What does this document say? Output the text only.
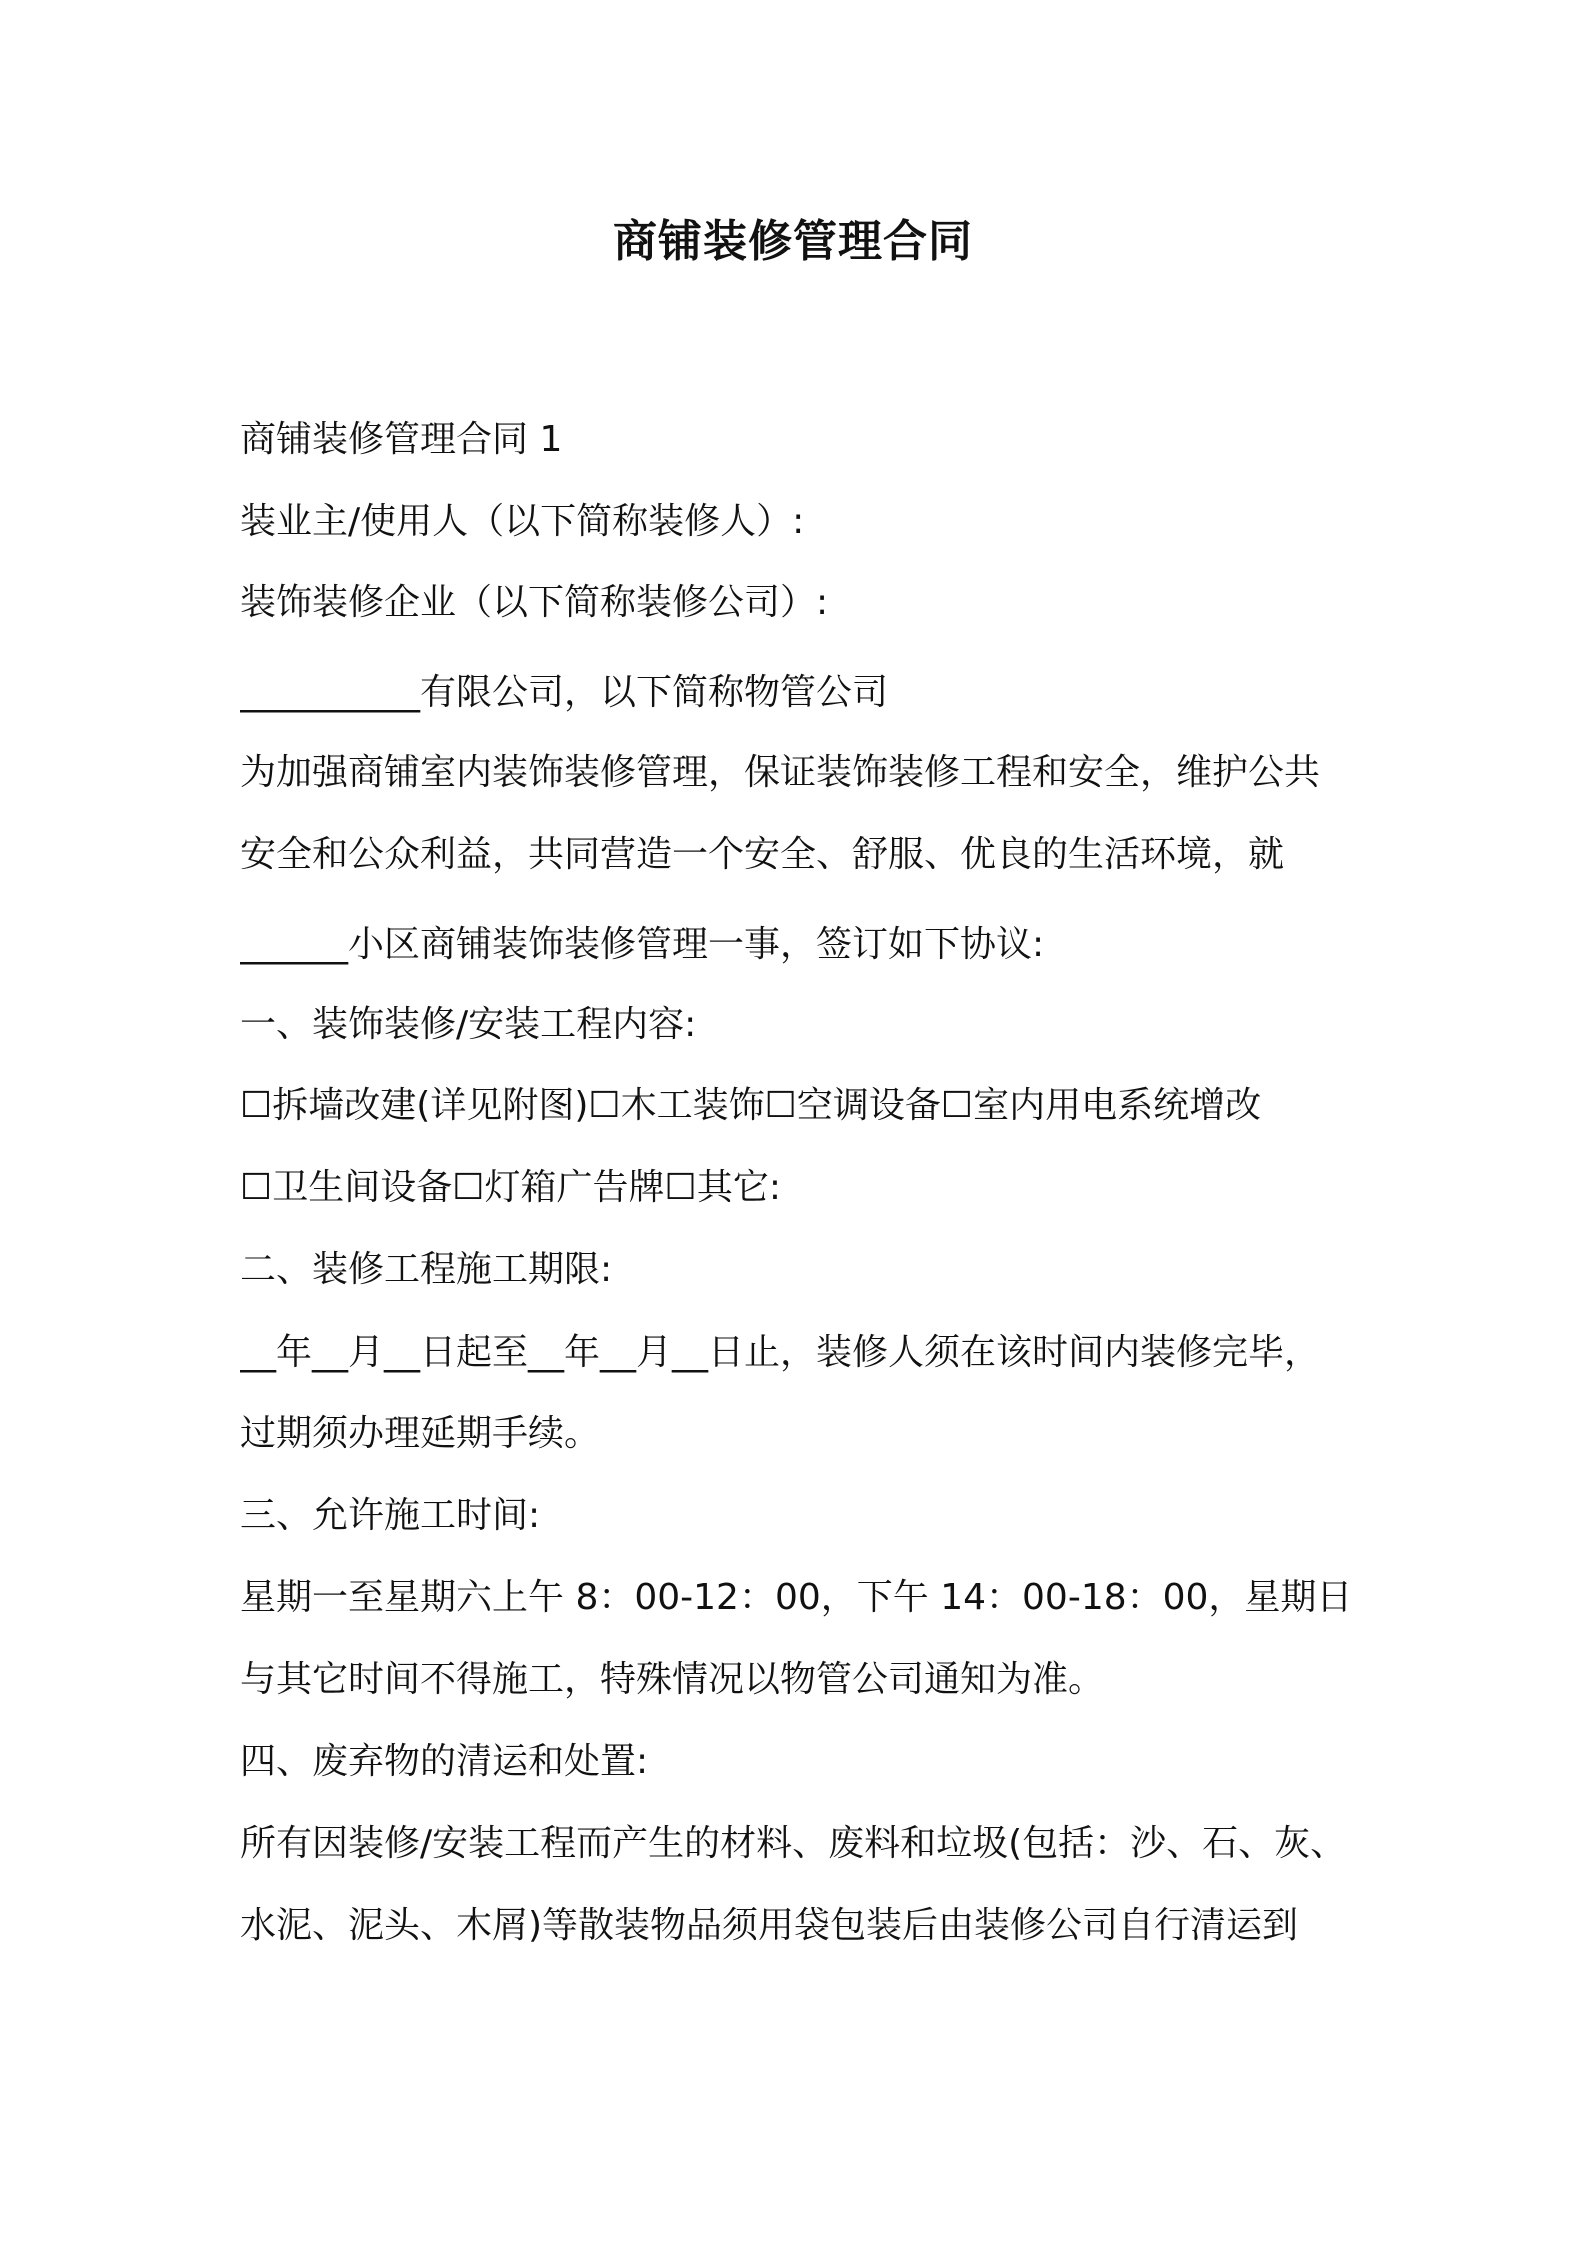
商铺装修管理合同
商铺装修管理合同 1
装业主/使用人（以下简称装修人）:
装饰装修企业（以下简称装修公司）:
__________有限公司，以下简称物管公司
为加强商铺室内装饰装修管理，保证装饰装修工程和安全，维护公共
安全和公众利益，共同营造一个安全、舒服、优良的生活环境，就
______小区商铺装饰装修管理一事，签订如下协议:
一、装饰装修/安装工程内容:
☐拆墙改建(详见附图)☐木工装饰☐空调设备☐室内用电系统增改
☐卫生间设备☐灯箱广告牌☐其它:
二、装修工程施工期限:
__年__月__日起至__年__月__日止，装修人须在该时间内装修完毕，
过期须办理延期手续。
三、允许施工时间:
星期一至星期六上午 8：00-12：00，下午 14：00-18：00，星期日
与其它时间不得施工，特殊情况以物管公司通知为准。
四、废弃物的清运和处置:
所有因装修/安装工程而产生的材料、废料和垃圾(包括：沙、石、灰、
水泥、泥头、木屑)等散装物品须用袋包装后由装修公司自行清运到
